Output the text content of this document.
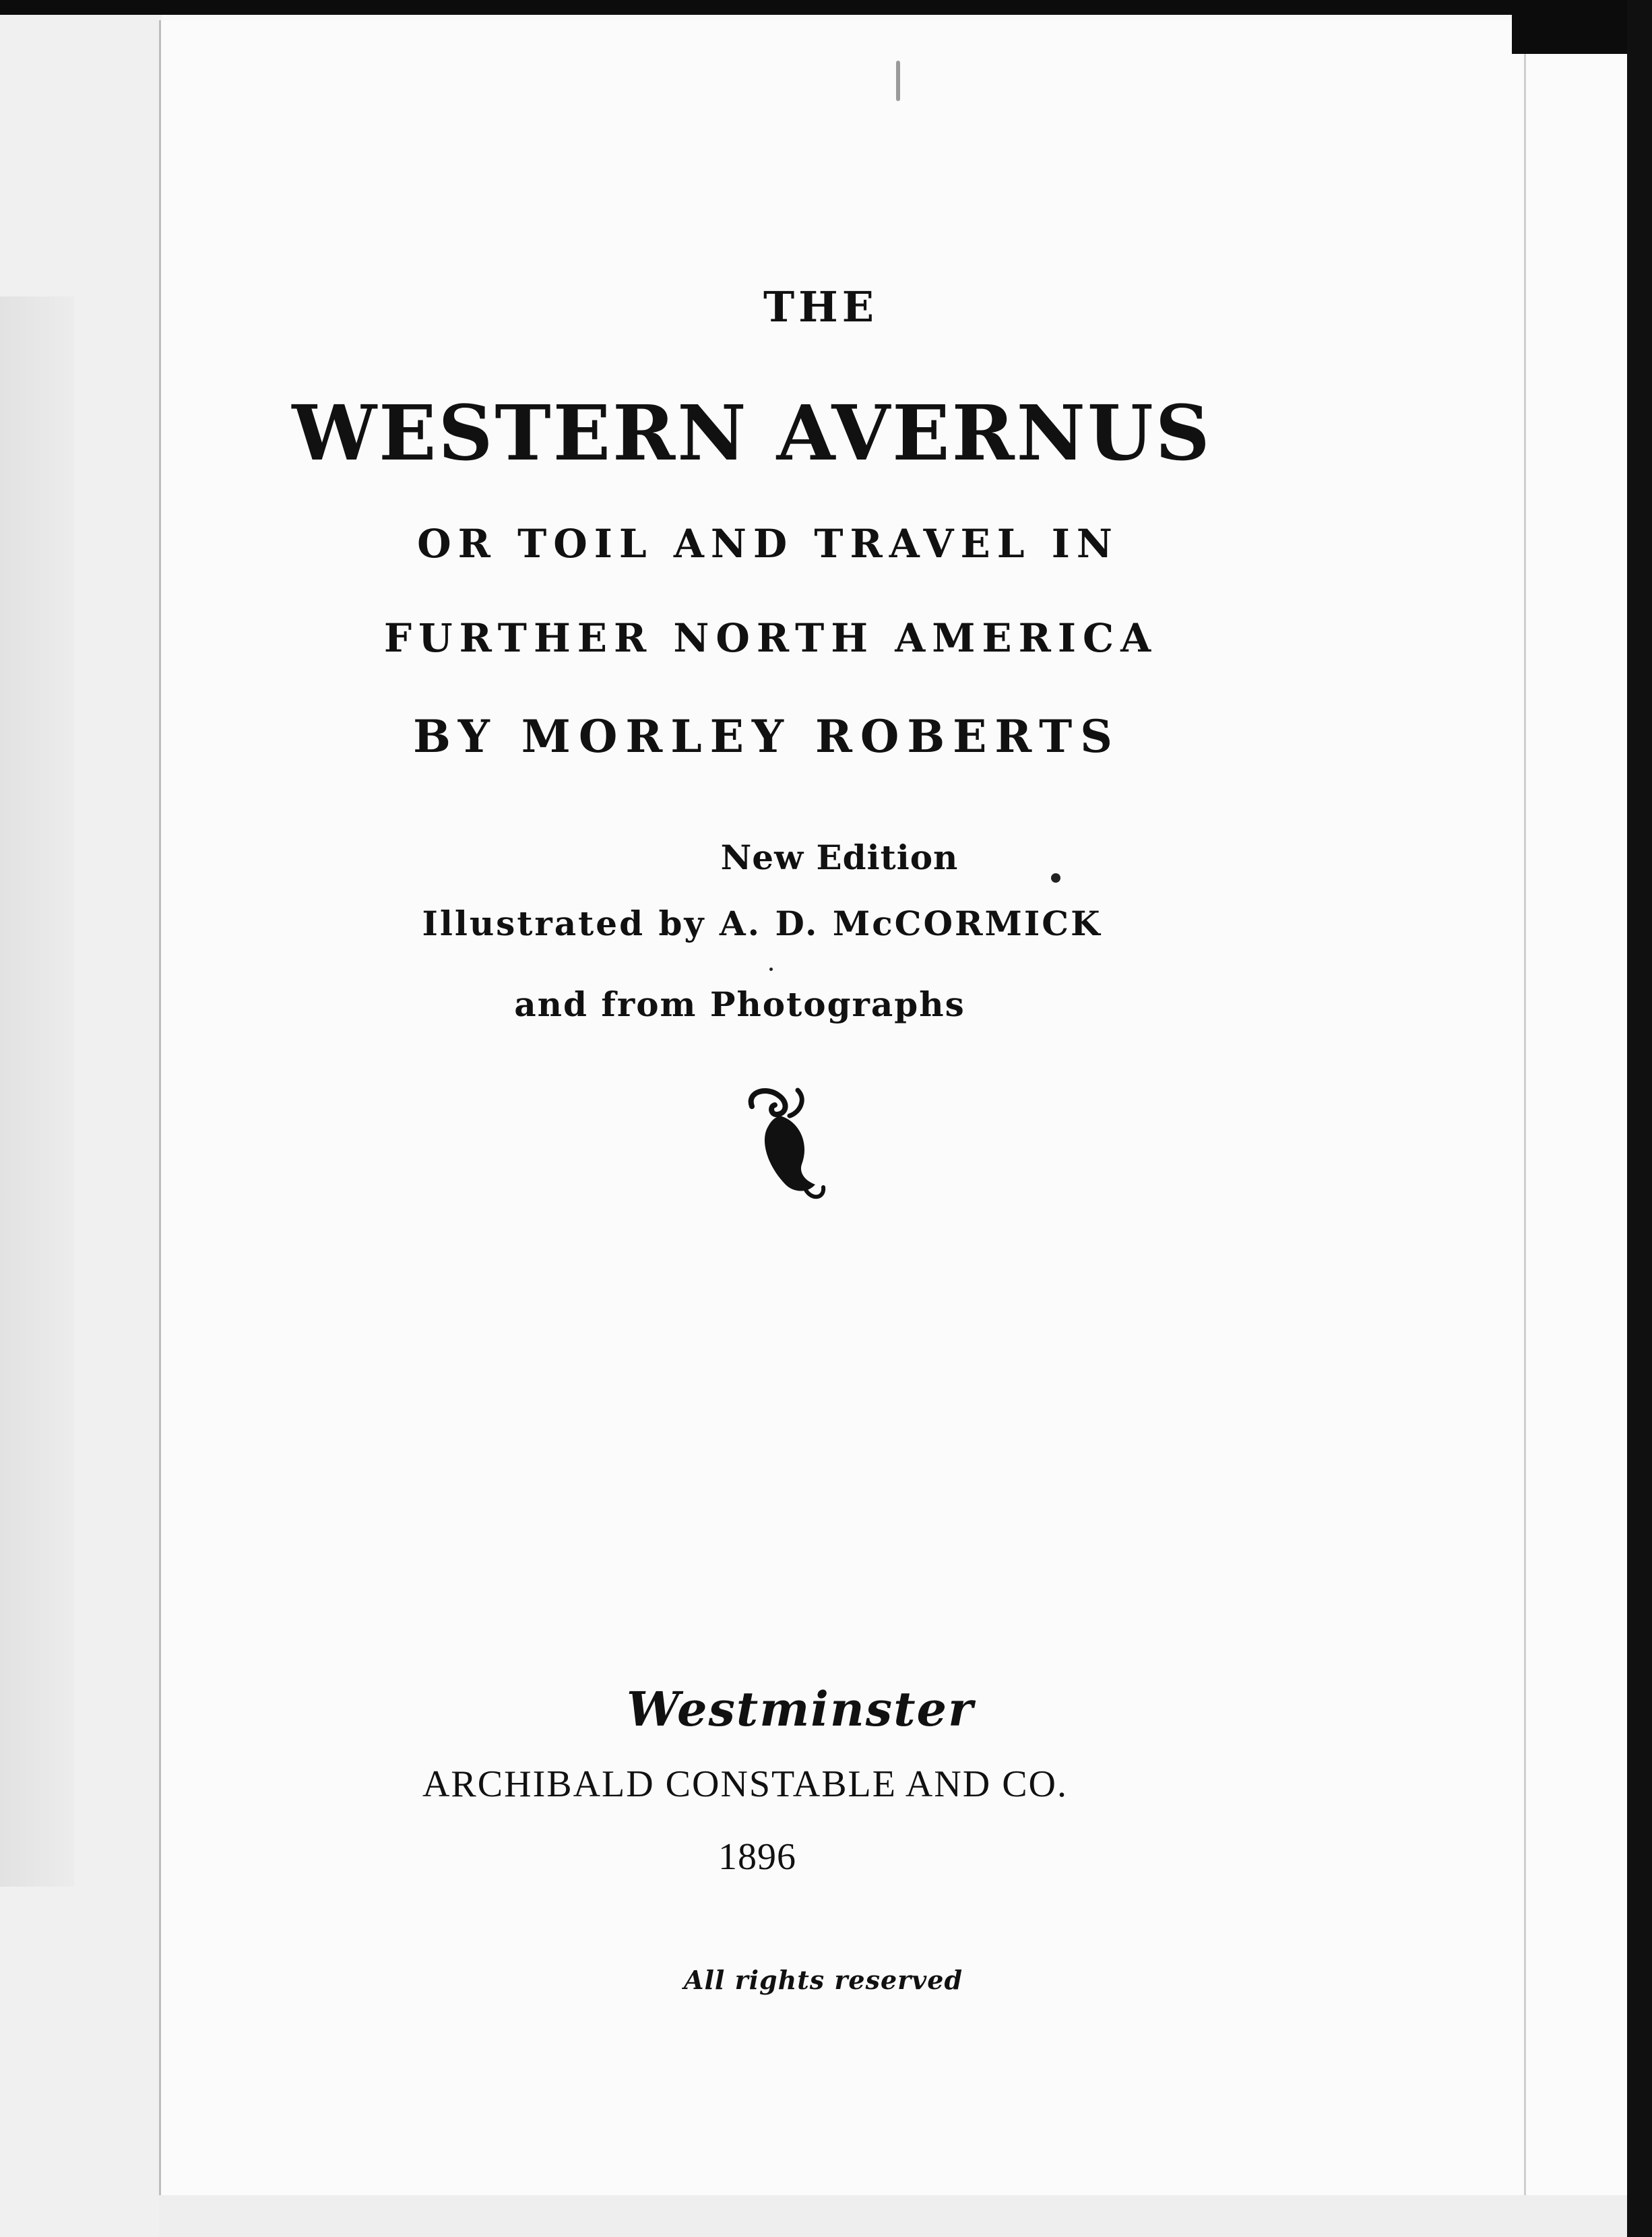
THE
WESTERN AVERNUS
OR TOIL AND TRAVEL IN
FURTHER NORTH AMERICA
BY MORLEY ROBERTS
New Edition
Illustrated by A. D. McCORMICK
and from Photographs
Westminster
ARCHIBALD CONSTABLE AND CO.
1896
All rights reserved
